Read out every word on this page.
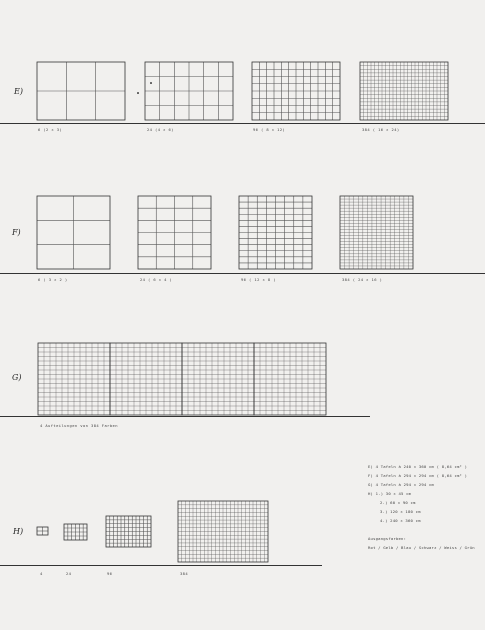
E)
6 (2 × 3)	24 (4 × 6)	96 ( 8 × 12)	384 ( 16 × 24)
F)
6 ( 3 × 2 )	24 ( 6 × 4 )	96 ( 12 × 8 )	384 ( 24 × 16 )
G)
4 Aufteilungen von 384 Farben
E) 4 Tafeln à 240 × 360 cm ( 8,64 cm² )
F) 4 Tafeln à 294 × 294 cm ( 8,64 cm² )
G) 4 Tafeln à 294 × 294 cm
H) 1.) 30 × 45 cm
2.) 60 × 90 cm
3.) 120 × 180 cm
4.) 240 × 360 cm
Ausgangsfarben:
Rot / Gelb / Blau / Schwarz / Weiss / Grün
H)
4	24	96	384
